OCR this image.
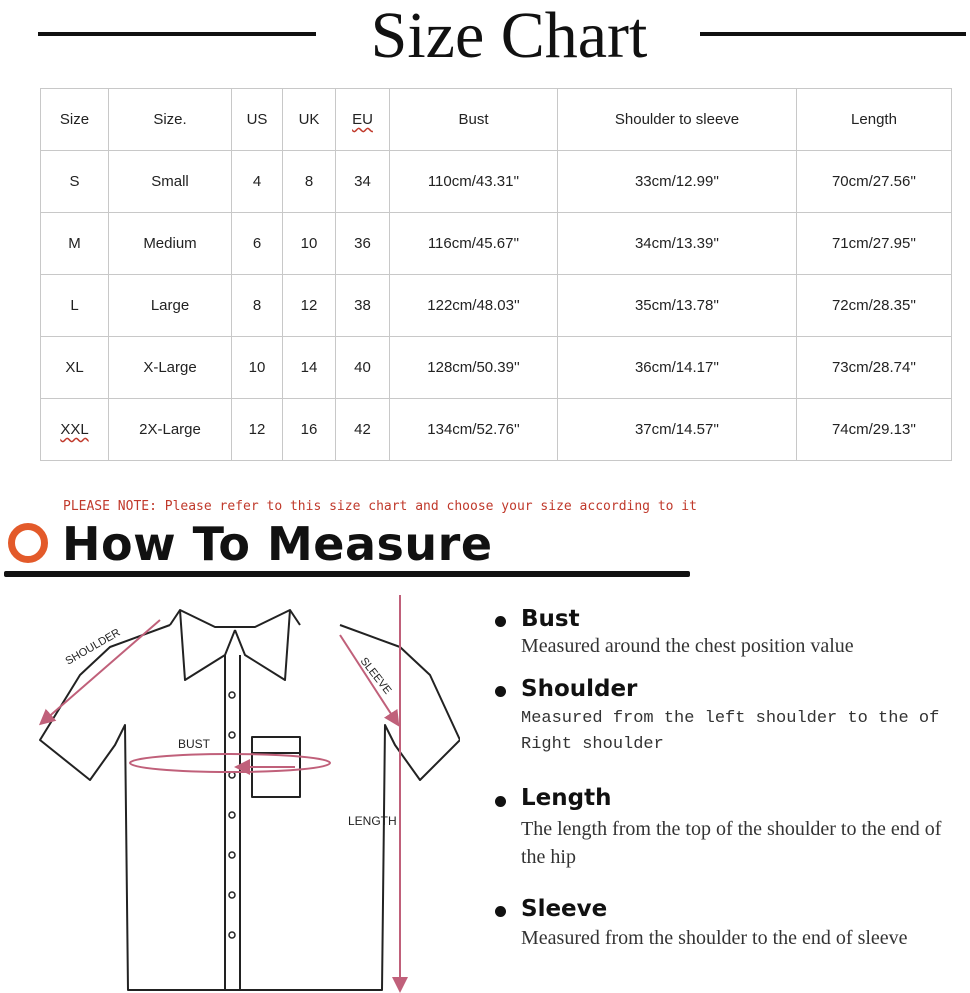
Size Chart
Size	Size.	US	UK	EU	Bust	Shoulder to sleeve	Length
S	Small	4	8	34	110cm/43.31''	33cm/12.99''	70cm/27.56''
M	Medium	6	10	36	116cm/45.67''	34cm/13.39''	71cm/27.95''
L	Large	8	12	38	122cm/48.03''	35cm/13.78''	72cm/28.35''
XL	X-Large	10	14	40	128cm/50.39''	36cm/14.17''	73cm/28.74''
XXL	2X-Large	12	16	42	134cm/52.76''	37cm/14.57''	74cm/29.13''
PLEASE NOTE: Please refer to this size chart and choose your size according to it
How To Measure
SHOULDER
SLEEVE
BUST
LENGTH
Bust
Measured around the chest position value
Shoulder
Measured from the left shoulder to the of Right shoulder
Length
The length from the top of the shoulder to the end of the hip
Sleeve
Measured from the shoulder to the end of sleeve
